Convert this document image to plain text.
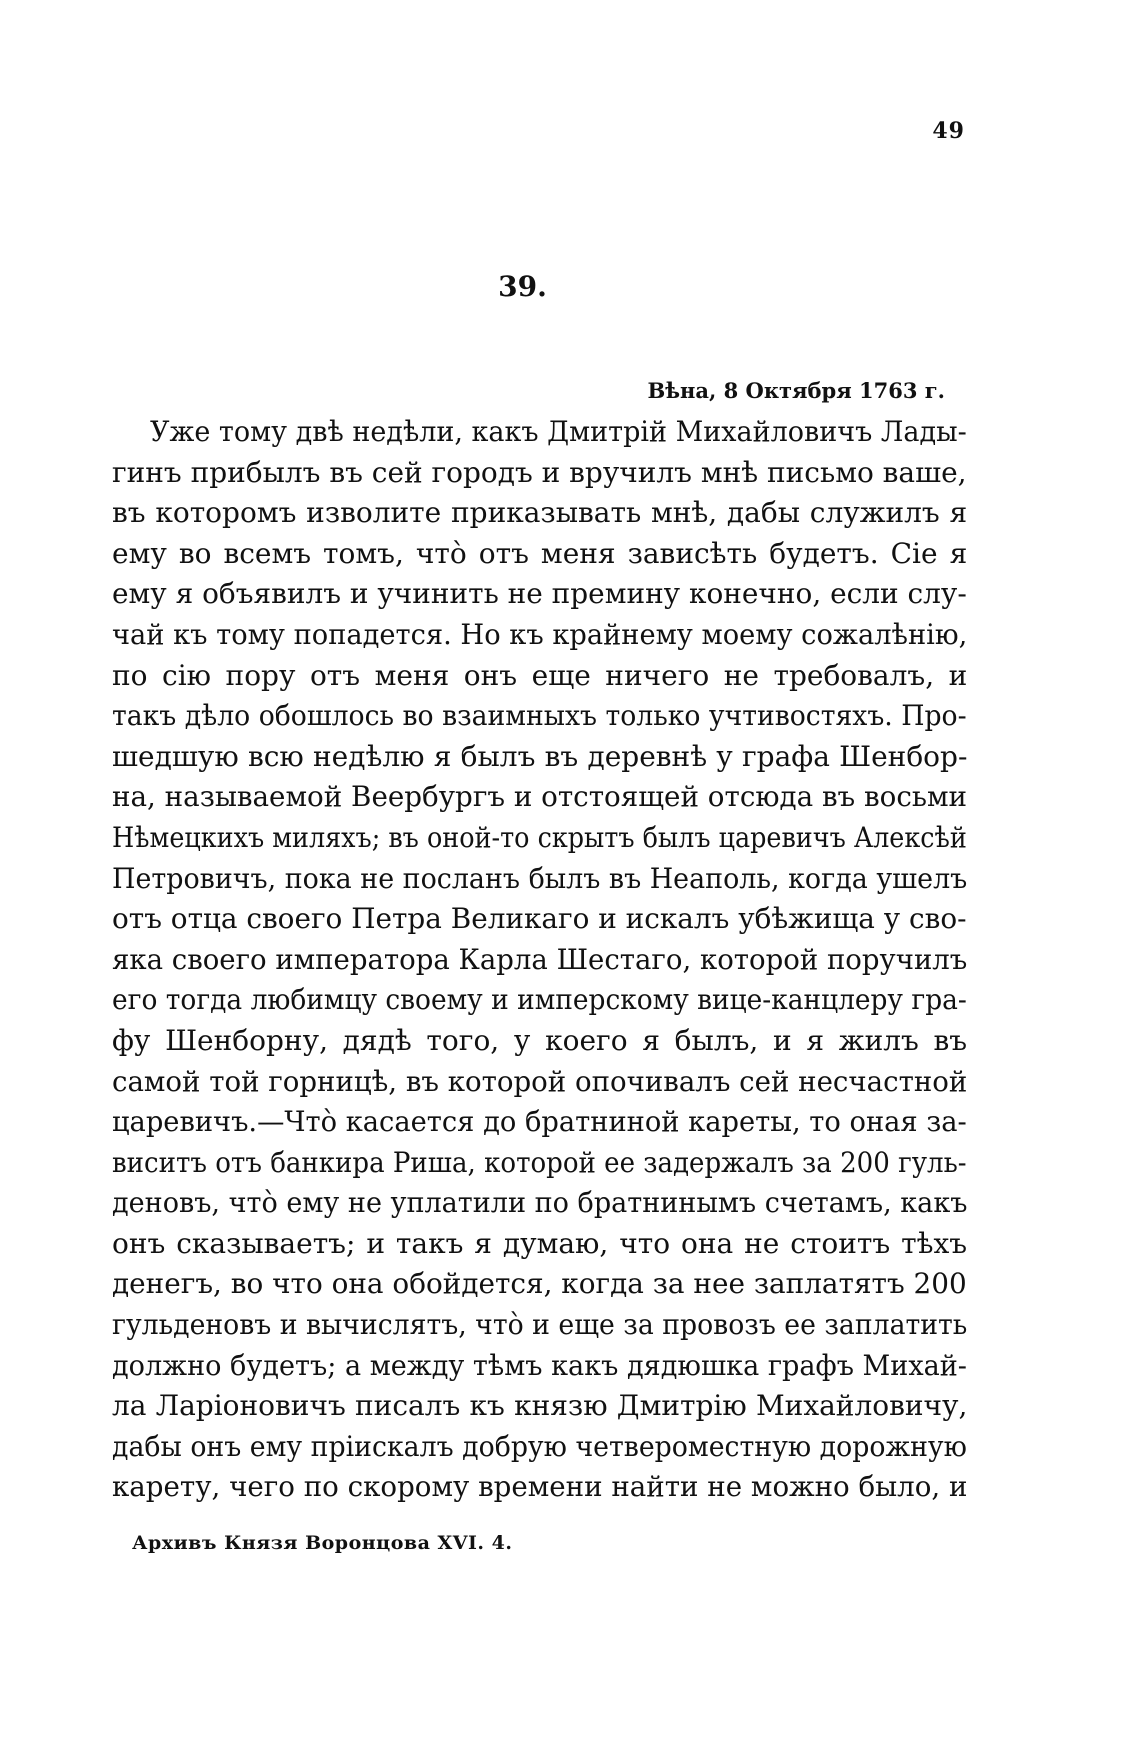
49
39.
Вѣна, 8 Октября 1763 г.
Уже тому двѣ недѣли, какъ Дмитрій Михайловичъ Лады-
гинъ прибылъ въ сей городъ и вручилъ мнѣ письмо ваше,
въ которомъ изволите приказывать мнѣ, дабы служилъ я
ему во всемъ томъ, что̀ отъ меня зависѣть будетъ. Сіе я
ему я объявилъ и учинить не премину конечно, если слу-
чай къ тому попадется. Но къ крайнему моему сожалѣнію,
по сію пору отъ меня онъ еще ничего не требовалъ, и
такъ дѣло обошлось во взаимныхъ только учтивостяхъ. Про-
шедшую всю недѣлю я былъ въ деревнѣ у графа Шенбор-
на, называемой Веербургъ и отстоящей отсюда въ восьми
Нѣмецкихъ миляхъ; въ оной-то скрытъ былъ царевичъ Алексѣй
Петровичъ, пока не посланъ былъ въ Неаполь, когда ушелъ
отъ отца своего Петра Великаго и искалъ убѣжища у сво-
яка своего императора Карла Шестаго, которой поручилъ
его тогда любимцу своему и имперскому вице-канцлеру гра-
фу Шенборну, дядѣ того, у коего я былъ, и я жилъ въ
самой той горницѣ, въ которой опочивалъ сей несчастной
царевичъ.—Что̀ касается до братниной кареты, то оная за-
виситъ отъ банкира Риша, которой ее задержалъ за 200 гуль-
деновъ, что̀ ему не уплатили по братнинымъ счетамъ, какъ
онъ сказываетъ; и такъ я думаю, что она не стоитъ тѣхъ
денегъ, во что она обойдется, когда за нее заплатятъ 200
гульденовъ и вычислятъ, что̀ и еще за провозъ ее заплатить
должно будетъ; а между тѣмъ какъ дядюшка графъ Михай-
ла Ларіоновичъ писалъ къ князю Дмитрію Михайловичу,
дабы онъ ему пріискалъ добрую четвероместную дорожную
карету, чего по скорому времени найти не можно было, и
Архивъ Князя Воронцова XVI. 4.
